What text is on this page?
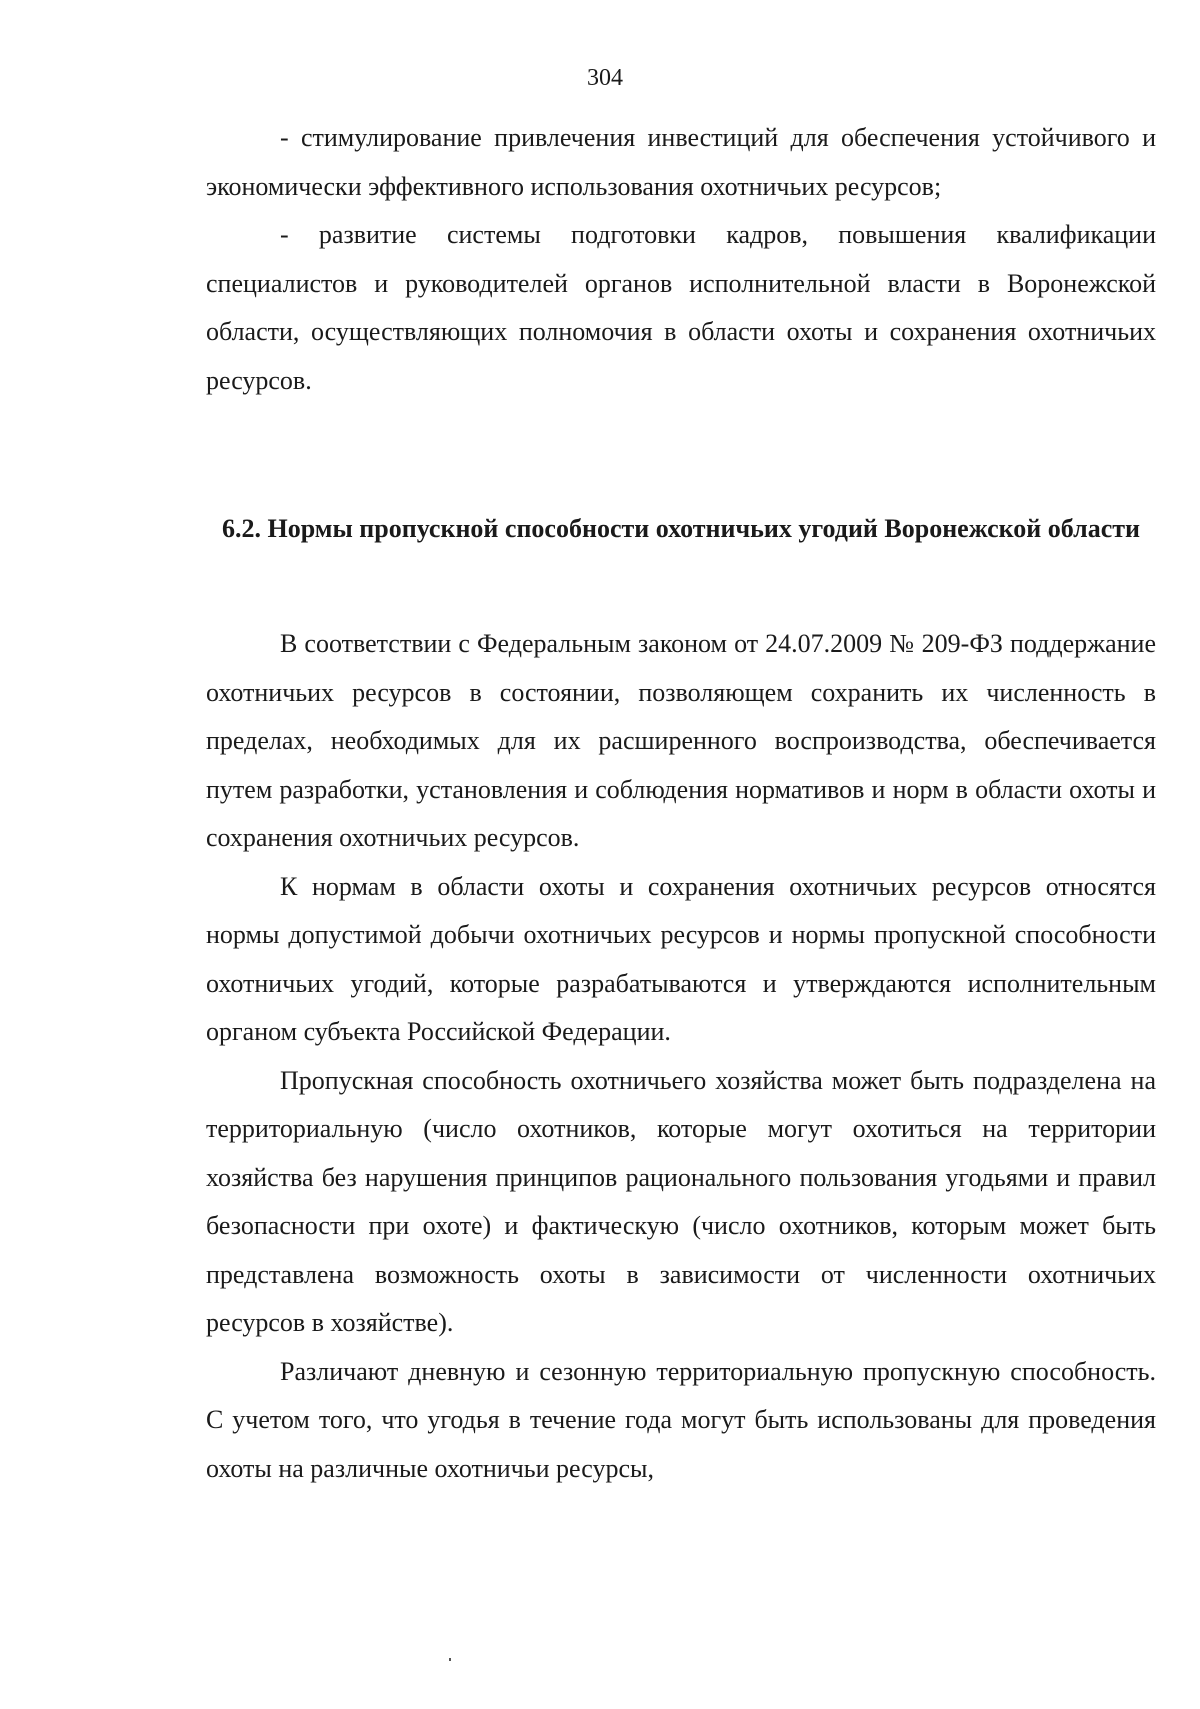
304

- стимулирование привлечения инвестиций для обеспечения устойчивого и экономически эффективного использования охотничьих ресурсов;

- развитие системы подготовки кадров, повышения квалификации специалистов и руководителей органов исполнительной власти в Воронежской области, осуществляющих полномочия в области охоты и сохранения охотничьих ресурсов.

6.2. Нормы пропускной способности охотничьих угодий Воронежской области

В соответствии с Федеральным законом от 24.07.2009 № 209-ФЗ поддержание охотничьих ресурсов в состоянии, позволяющем сохранить их численность в пределах, необходимых для их расширенного воспроизводства, обеспечивается путем разработки, установления и соблюдения нормативов и норм в области охоты и сохранения охотничьих ресурсов.

К нормам в области охоты и сохранения охотничьих ресурсов относятся нормы допустимой добычи охотничьих ресурсов и нормы пропускной способности охотничьих угодий, которые разрабатываются и утверждаются исполнительным органом субъекта Российской Федерации.

Пропускная способность охотничьего хозяйства может быть подразделена на территориальную (число охотников, которые могут охотиться на территории хозяйства без нарушения принципов рационального пользования угодьями и правил безопасности при охоте) и фактическую (число охотников, которым может быть представлена возможность охоты в зависимости от численности охотничьих ресурсов в хозяйстве).

Различают дневную и сезонную территориальную пропускную способность. С учетом того, что угодья в течение года могут быть использованы для проведения охоты на различные охотничьи ресурсы,
